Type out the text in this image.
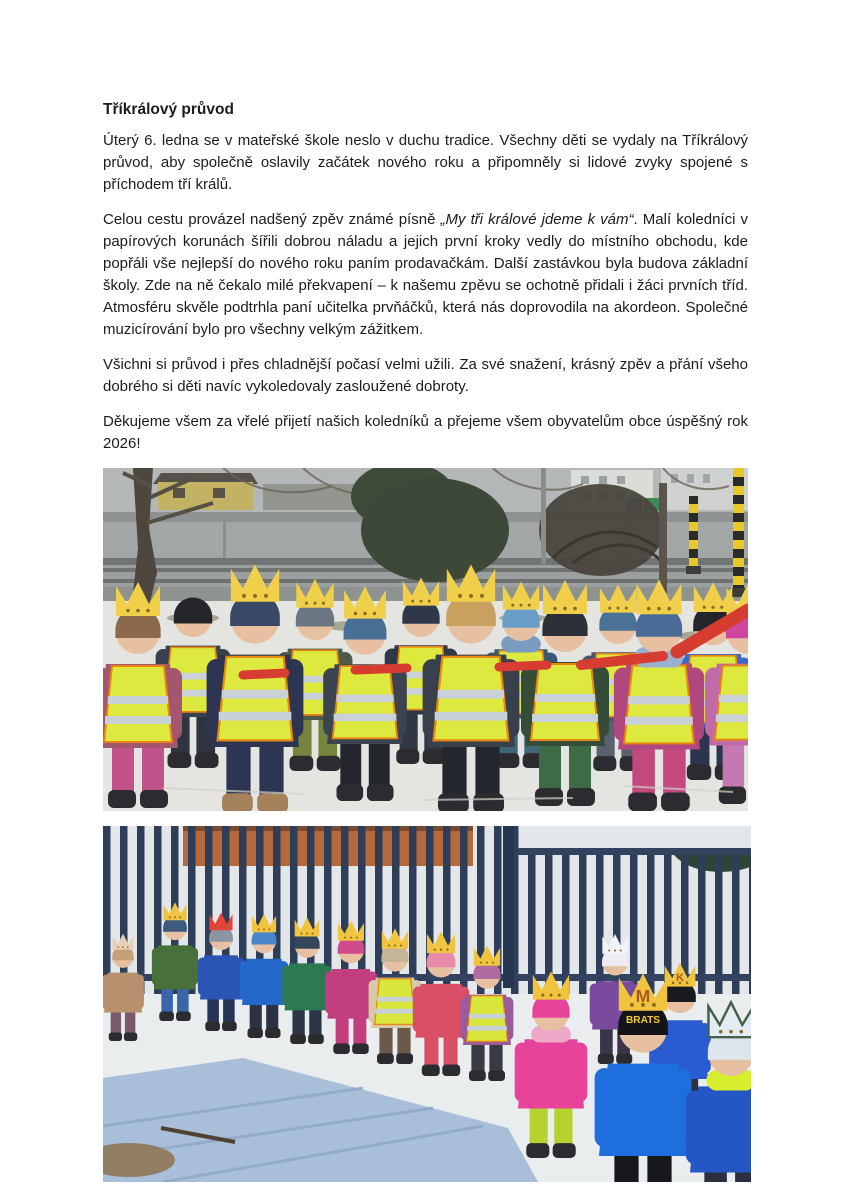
Tříkrálový průvod

Úterý 6. ledna se v mateřské škole neslo v duchu tradice. Všechny děti se vydaly na Tříkrálový průvod, aby společně oslavily začátek nového roku a připomněly si lidové zvyky spojené s příchodem tří králů.

Celou cestu provázel nadšený zpěv známé písně „My tři králové jdeme k vám“. Malí koledníci v papírových korunách šířili dobrou náladu a jejich první kroky vedly do místního obchodu, kde popřáli vše nejlepší do nového roku paním prodavačkám. Další zastávkou byla budova základní školy. Zde na ně čekalo milé překvapení – k našemu zpěvu se ochotně přidali i žáci prvních tříd. Atmosféru skvěle podtrhla paní učitelka prvňáčků, která nás doprovodila na akordeon. Společné muzicírování bylo pro všechny velkým zážitkem.

Všichni si průvod i přes chladnější počasí velmi užili. Za své snažení, krásný zpěv a přání všeho dobrého si děti navíc vykoledovaly zasloužené dobroty.

Děkujeme všem za vřelé přijetí našich koledníků a přejeme všem obyvatelům obce úspěšný rok 2026!

K
BRATS
M
